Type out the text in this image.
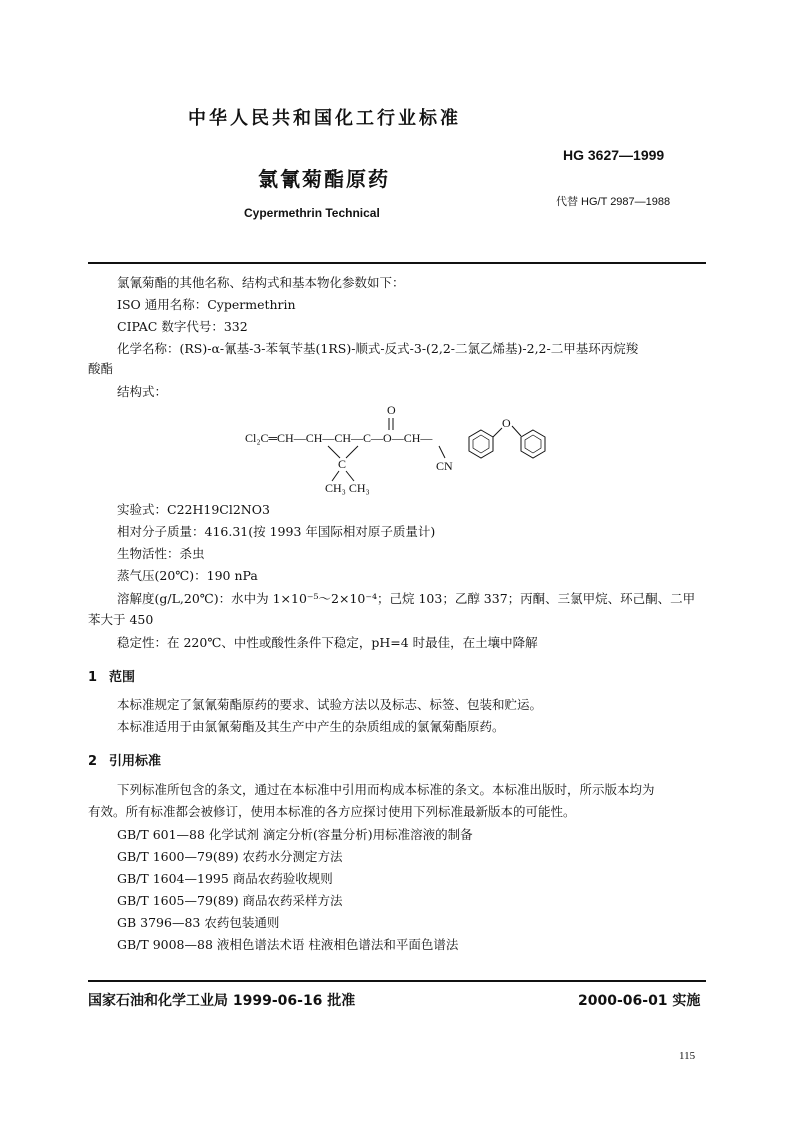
中华人民共和国化工行业标准
HG 3627—1999
氯氰菊酯原药
代替 HG/T 2987—1988
Cypermethrin Technical
氯氰菊酯的其他名称、结构式和基本物化参数如下：
ISO 通用名称：Cypermethrin
CIPAC 数字代号：332
化学名称：(RS)-α-氰基-3-苯氧苄基(1RS)-顺式-反式-3-(2,2-二氯乙烯基)-2,2-二甲基环丙烷羧
酸酯
结构式：
Cl₂C═CH—CH—CH—C—O—CH—
O
C
CH₃ CH₃
CN
O
实验式：C22H19Cl2NO3
相对分子质量：416.31(按 1993 年国际相对原子质量计)
生物活性：杀虫
蒸气压(20℃)：190 nPa
溶解度(g/L,20℃)：水中为 1×10⁻⁵～2×10⁻⁴；己烷 103；乙醇 337；丙酮、三氯甲烷、环己酮、二甲
苯大于 450
稳定性：在 220℃、中性或酸性条件下稳定，pH=4 时最佳，在土壤中降解
1 范围
本标准规定了氯氰菊酯原药的要求、试验方法以及标志、标签、包装和贮运。
本标准适用于由氯氰菊酯及其生产中产生的杂质组成的氯氰菊酯原药。
2 引用标准
下列标准所包含的条文，通过在本标准中引用而构成本标准的条文。本标准出版时，所示版本均为
有效。所有标准都会被修订，使用本标准的各方应探讨使用下列标准最新版本的可能性。
GB/T 601—88 化学试剂 滴定分析(容量分析)用标准溶液的制备
GB/T 1600—79(89) 农药水分测定方法
GB/T 1604—1995 商品农药验收规则
GB/T 1605—79(89) 商品农药采样方法
GB 3796—83 农药包装通则
GB/T 9008—88 液相色谱法术语 柱液相色谱法和平面色谱法
国家石油和化学工业局 1999-06-16 批准	2000-06-01 实施
115
